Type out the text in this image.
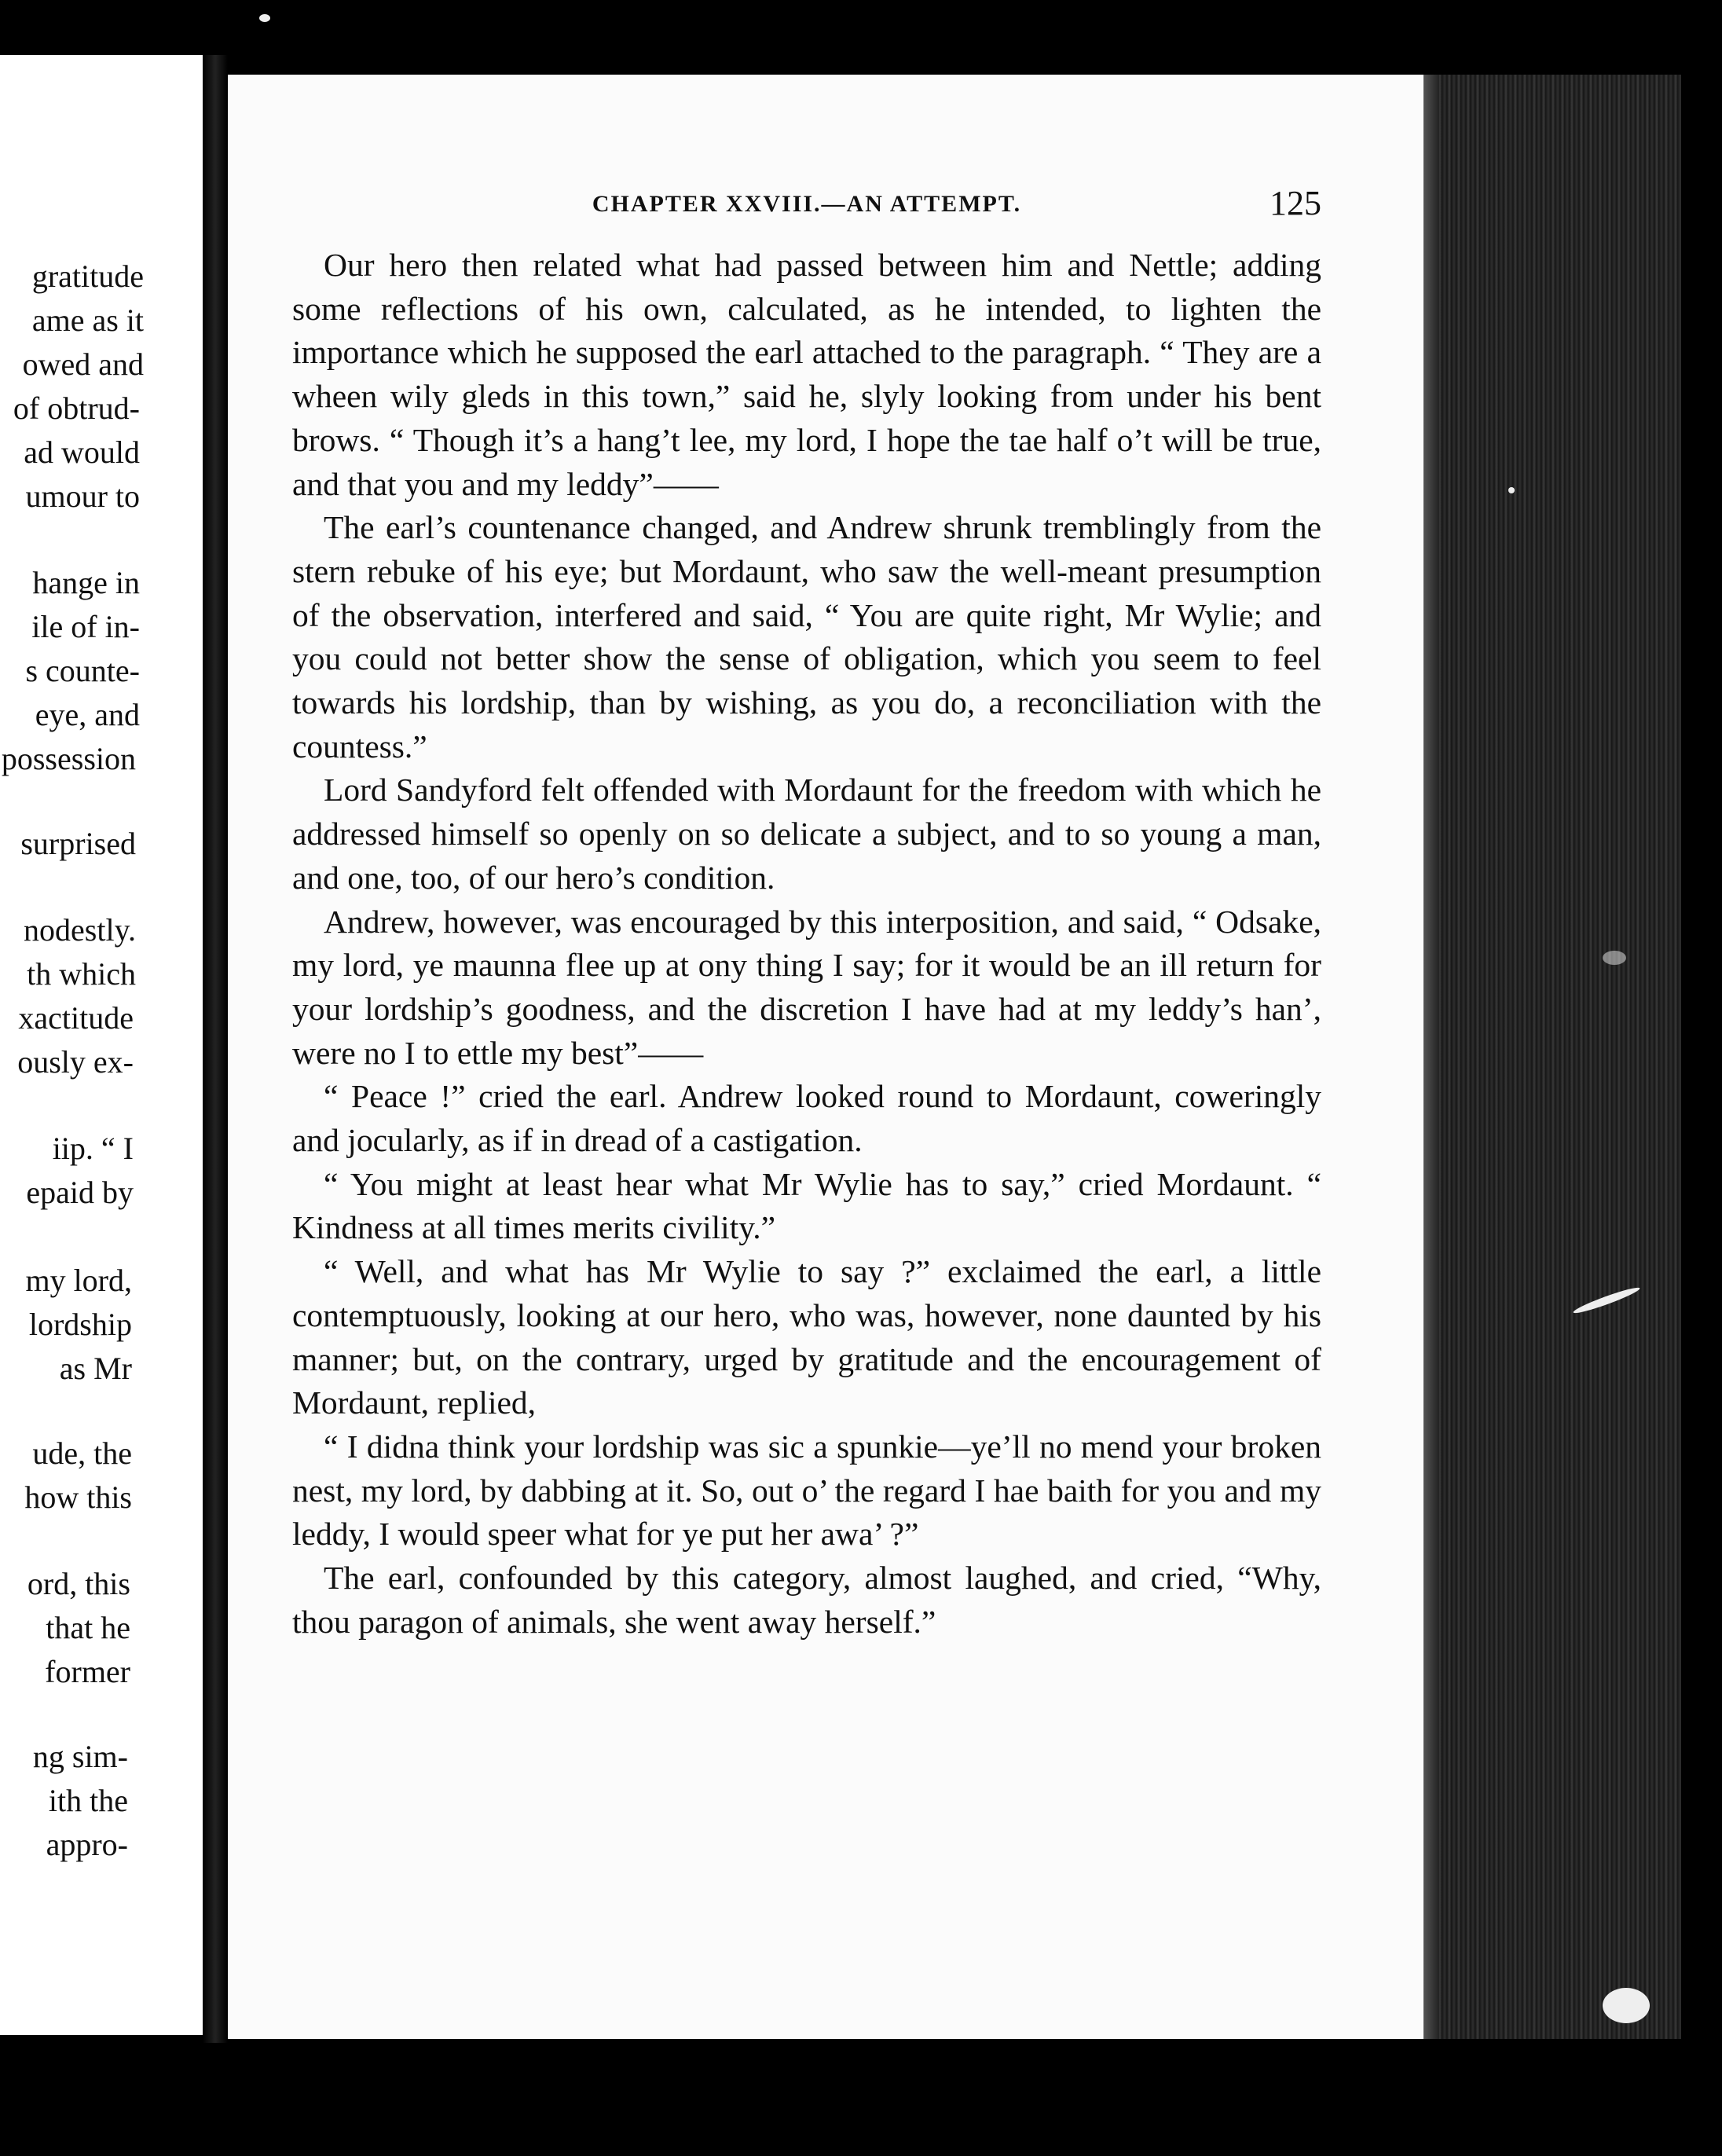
gratitude
ame as it
owed and
of obtrud-
ad would
umour to
hange in
ile of in-
s counte-
eye, and
possession
surprised
nodestly.
th which
xactitude
ously ex-
iip. “ I
epaid by
my lord,
lordship
as Mr
ude, the
how this
ord, this
that he
former
ng sim-
ith the
appro-
CHAPTER XXVIII.—AN ATTEMPT.	125

Our hero then related what had passed between him and Nettle; adding some reflections of his own, calculated, as he intended, to lighten the importance which he supposed the earl attached to the paragraph. “ They are a wheen wily gleds in this town,” said he, slyly looking from under his bent brows. “ Though it’s a hang’t lee, my lord, I hope the tae half o’t will be true, and that you and my leddy”——

The earl’s countenance changed, and Andrew shrunk tremblingly from the stern rebuke of his eye; but Mordaunt, who saw the well-meant presumption of the observation, interfered and said, “ You are quite right, Mr Wylie; and you could not better show the sense of obligation, which you seem to feel towards his lordship, than by wishing, as you do, a reconciliation with the countess.”

Lord Sandyford felt offended with Mordaunt for the freedom with which he addressed himself so openly on so delicate a subject, and to so young a man, and one, too, of our hero’s condition.

Andrew, however, was encouraged by this interposition, and said, “ Odsake, my lord, ye maunna flee up at ony thing I say; for it would be an ill return for your lordship’s goodness, and the discretion I have had at my leddy’s han’, were no I to ettle my best”——

“ Peace !” cried the earl. Andrew looked round to Mordaunt, coweringly and jocularly, as if in dread of a castigation.

“ You might at least hear what Mr Wylie has to say,” cried Mordaunt. “ Kindness at all times merits civility.”

“ Well, and what has Mr Wylie to say ?” exclaimed the earl, a little contemptuously, looking at our hero, who was, however, none daunted by his manner; but, on the contrary, urged by gratitude and the encouragement of Mordaunt, replied,

“ I didna think your lordship was sic a spunkie—ye’ll no mend your broken nest, my lord, by dabbing at it. So, out o’ the regard I hae baith for you and my leddy, I would speer what for ye put her awa’ ?”

The earl, confounded by this category, almost laughed, and cried, “Why, thou paragon of animals, she went away herself.”
